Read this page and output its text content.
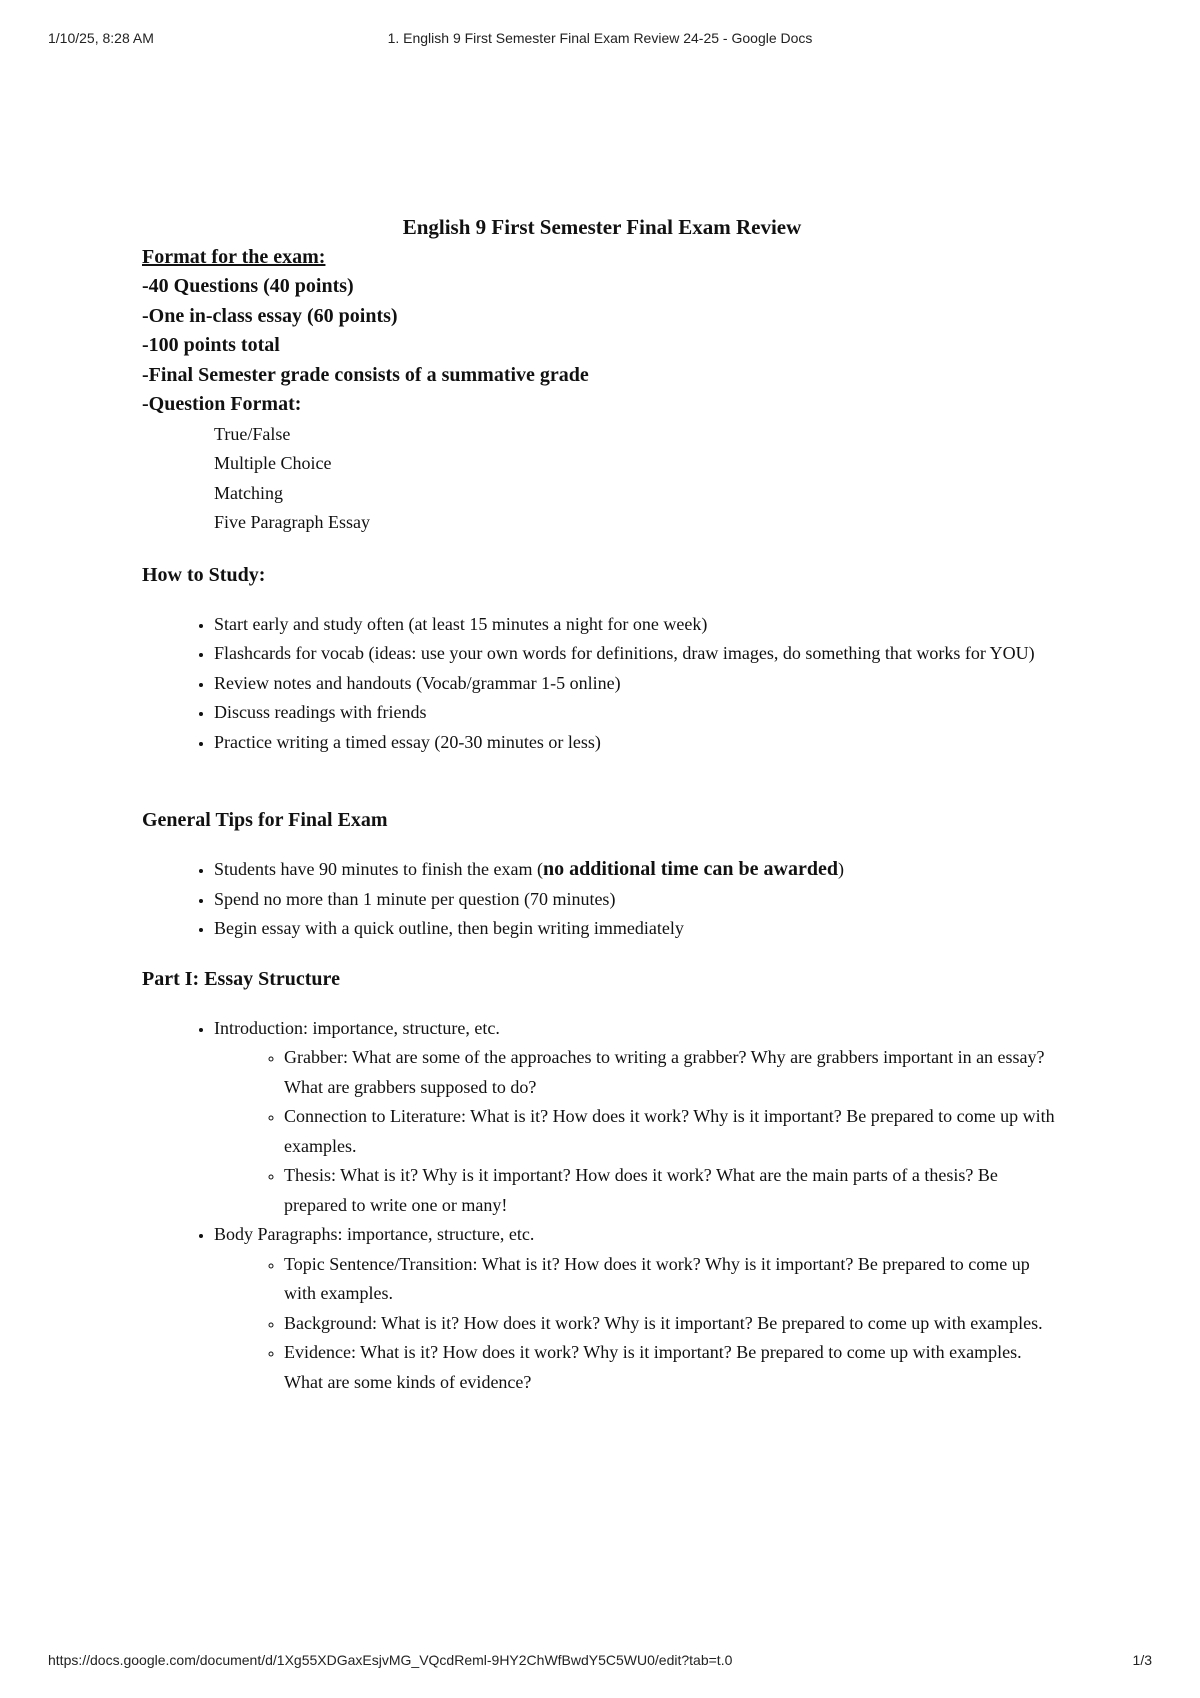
1/10/25, 8:28 AM	1. English 9 First Semester Final Exam Review 24-25 - Google Docs

English 9 First Semester Final Exam Review

Format for the exam:

-40 Questions (40 points)

-One in-class essay (60 points)

-100 points total

-Final Semester grade consists of a summative grade

-Question Format:

True/False
Multiple Choice
Matching
Five Paragraph Essay

How to Study:

• Start early and study often (at least 15 minutes a night for one week)
• Flashcards for vocab (ideas: use your own words for definitions, draw images, do something that works for YOU)
• Review notes and handouts (Vocab/grammar 1-5 online)
• Discuss readings with friends
• Practice writing a timed essay (20-30 minutes or less)

General Tips for Final Exam

• Students have 90 minutes to finish the exam (no additional time can be awarded)
• Spend no more than 1 minute per question (70 minutes)
• Begin essay with a quick outline, then begin writing immediately

Part I: Essay Structure

• Introduction: importance, structure, etc.
◦ Grabber: What are some of the approaches to writing a grabber? Why are grabbers important in an essay? What are grabbers supposed to do?
◦ Connection to Literature: What is it? How does it work? Why is it important? Be prepared to come up with examples.
◦ Thesis: What is it? Why is it important? How does it work? What are the main parts of a thesis? Be prepared to write one or many!
• Body Paragraphs: importance, structure, etc.
◦ Topic Sentence/Transition: What is it? How does it work? Why is it important? Be prepared to come up with examples.
◦ Background: What is it? How does it work? Why is it important? Be prepared to come up with examples.
◦ Evidence: What is it? How does it work? Why is it important? Be prepared to come up with examples. What are some kinds of evidence?
https://docs.google.com/document/d/1Xg55XDGaxEsjvMG_VQcdReml-9HY2ChWfBwdY5C5WU0/edit?tab=t.0	1/3
